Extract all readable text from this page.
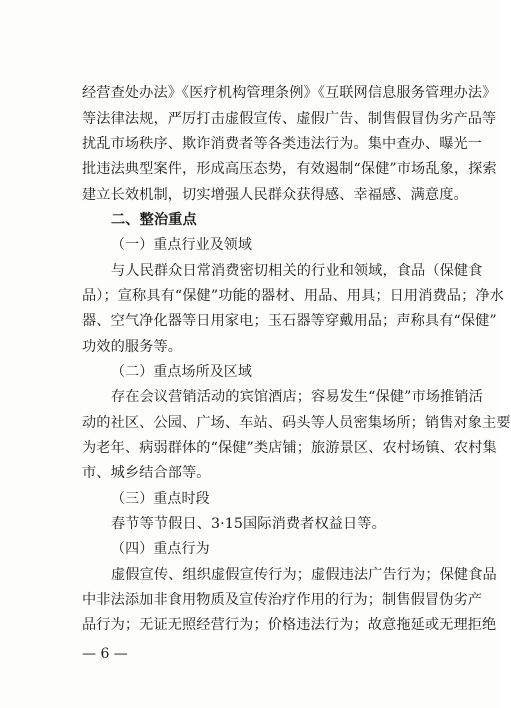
经营查处办法》《医疗机构管理条例》《互联网信息服务管理办法》
等法律法规，严厉打击虚假宣传、虚假广告、制售假冒伪劣产品等
扰乱市场秩序、欺诈消费者等各类违法行为。集中查办、曝光一
批违法典型案件，形成高压态势，有效遏制“保健”市场乱象，探索
建立长效机制，切实增强人民群众获得感、幸福感、满意度。
二、整治重点
（一）重点行业及领域
与人民群众日常消费密切相关的行业和领域，食品（保健食
品）；宣称具有“保健”功能的器材、用品、用具；日用消费品；净水
器、空气净化器等日用家电；玉石器等穿戴用品；声称具有“保健”
功效的服务等。
（二）重点场所及区域
存在会议营销活动的宾馆酒店；容易发生“保健”市场推销活
动的社区、公园、广场、车站、码头等人员密集场所；销售对象主要
为老年、病弱群体的“保健”类店铺；旅游景区、农村场镇、农村集
市、城乡结合部等。
（三）重点时段
春节等节假日、3·15国际消费者权益日等。
（四）重点行为
虚假宣传、组织虚假宣传行为；虚假违法广告行为；保健食品
中非法添加非食用物质及宣传治疗作用的行为；制售假冒伪劣产
品行为；无证无照经营行为；价格违法行为；故意拖延或无理拒绝
— 6 —
